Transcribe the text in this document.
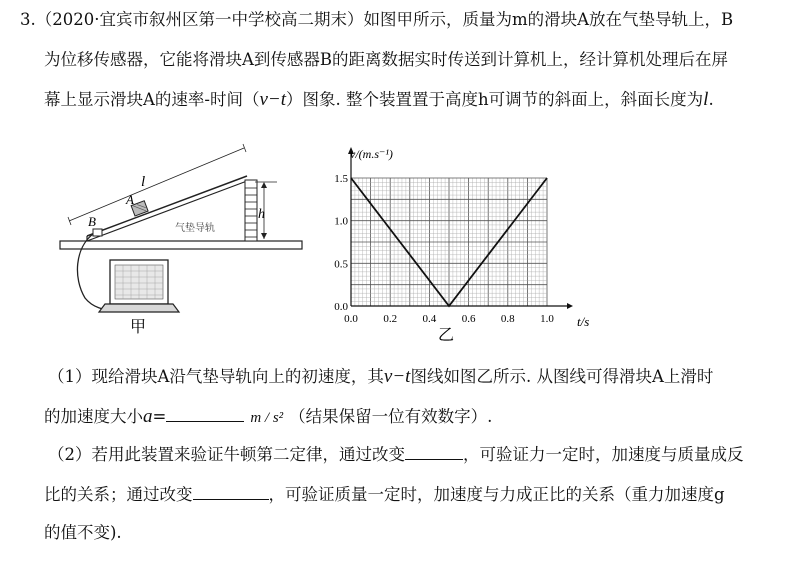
3.（2020·宜宾市叙州区第一中学校高二期末）如图甲所示，质量为m的滑块A放在气垫导轨上，B
为位移传感器，它能将滑块A到传感器B的距离数据实时传送到计算机上，经计算机处理后在屏
幕上显示滑块A的速率-时间（v−t）图象. 整个装置置于高度h可调节的斜面上，斜面长度为l.
h
l
A
B	气垫导轨
甲	0.0 0.2 0.4 0.6 0.8 1.0
0.0
0.5
1.0
1.5
v/(m.s⁻¹)
t/s
乙
（1）现给滑块A沿气垫导轨向上的初速度，其v−t图线如图乙所示. 从图线可得滑块A上滑时
的加速度大小a=	m / s² （结果保留一位有效数字）.
（2）若用此装置来验证牛顿第二定律，通过改变	，可验证力一定时，加速度与质量成反
比的关系；通过改变	，可验证质量一定时，加速度与力成正比的关系（重力加速度g
的值不变).
